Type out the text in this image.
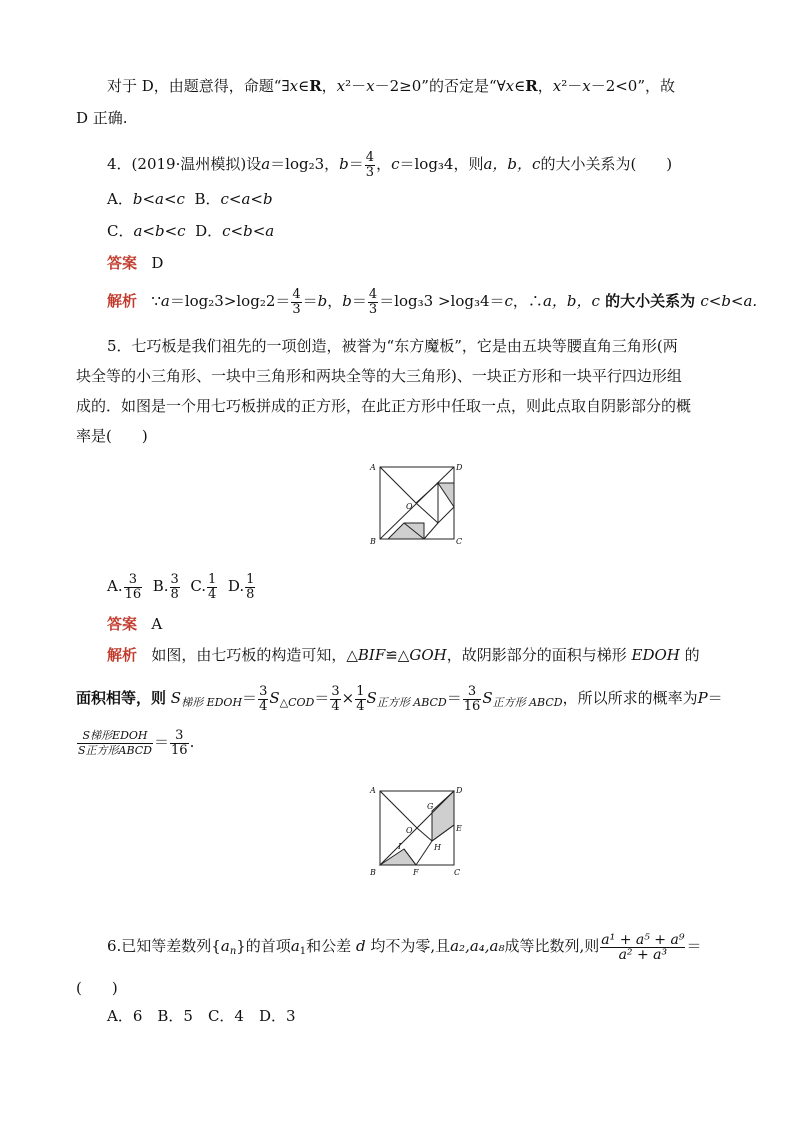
对于 D，由题意得，命题“∃x∈R，x²－x－2≥0”的否定是“∀x∈R，x²－x－2<0”，故
D 正确.
4．(2019·温州模拟)设a＝log₂3，$b= \frac{4}{3}$ ，c＝log₃4，则a，b，c的大小关系为(　　)
A．b<a<c B．c<a<b
C．a<b<c D．c<b<a
答案 D
解析 ∵a＝log₂3>log₂2＝ $\frac{4}{3} =b$，$b= \frac{4}{3} =\log_33 >\log_34=c$，∴a，b，c 的大小关系为 c<b<a.
5．七巧板是我们祖先的一项创造，被誉为“东方魔板”，它是由五块等腰直角三角形(两
块全等的小三角形、一块中三角形和两块全等的大三角形)、一块正方形和一块平行四边形组
成的．如图是一个用七巧板拼成的正方形，在此正方形中任取一点，则此点取自阴影部分的概
率是(　　)
A	D
O
B	C
A. $\frac{3}{16} B$. $\frac{3}{8} C$. $\frac{1}{4} D$. $\frac{1}{8}$
答案 A
解析 如图，由七巧板的构造可知，△BIF≌△GOH，故阴影部分的面积与梯形 EDOH 的
面积相等，则 $S_{梯形 EDOH}= \frac{3}{4} S_{\triangle COD}= \frac{3}{4} \times \frac{1}{4} S_{正方形 ABCD}= \frac{3}{16} S_{正方形 ABCD}$，所以所求的概率为P＝
$\frac{\text{S梯形EDOH}}{\text{S正方形ABCD}} = \frac{3}{16}$ .
A	D
G
O	E
I	H
B	F	C
6.已知等差数列$\{a_n\}$的首项$a_1$和公差 d 均不为零,且a₂,a₄,a₈成等比数列,则 $\frac{\text{a¹ + a⁵ + a⁹}}{\text{a² + a³}}$ ＝
(　　)
A．6　B．5　C．4　D．3
